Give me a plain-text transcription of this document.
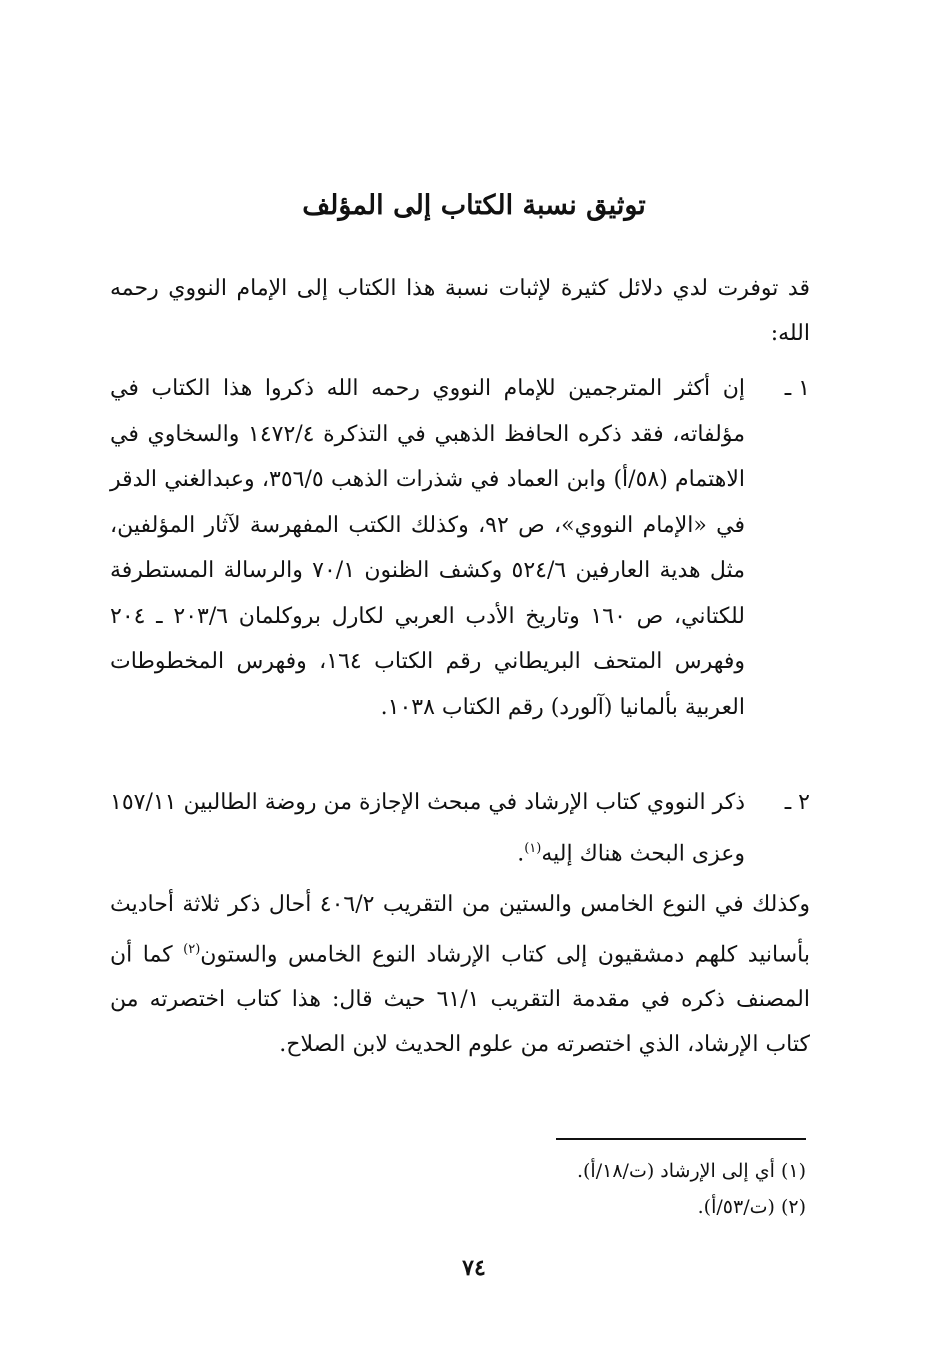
توثيق نسبة الكتاب إلى المؤلف

قد توفرت لدي دلائل كثيرة لإثبات نسبة هذا الكتاب إلى الإمام النووي رحمه الله:

١ ـ
إن أكثر المترجمين للإمام النووي رحمه الله ذكروا هذا الكتاب في مؤلفاته، فقد ذكره الحافظ الذهبي في التذكرة ١٤٧٢/٤ والسخاوي في الاهتمام (٥٨/أ) وابن العماد في شذرات الذهب ٣٥٦/٥، وعبدالغني الدقر في «الإمام النووي»، ص ٩٢، وكذلك الكتب المفهرسة لآثار المؤلفين، مثل هدية العارفين ٥٢٤/٦ وكشف الظنون ٧٠/١ والرسالة المستطرفة للكتاني، ص ١٦٠ وتاريخ الأدب العربي لكارل بروكلمان ٢٠٣/٦ ـ ٢٠٤ وفهرس المتحف البريطاني رقم الكتاب ١٦٤، وفهرس المخطوطات العربية بألمانيا (آلورد) رقم الكتاب ١٠٣٨.
٢ ـ
ذكر النووي كتاب الإرشاد في مبحث الإجازة من روضة الطالبين ١٥٧/١١ وعزى البحث هناك إليه$^{(١)}$.

وكذلك في النوع الخامس والستين من التقريب ٤٠٦/٢ أحال ذكر ثلاثة أحاديث بأسانيد كلهم دمشقيون إلى كتاب الإرشاد النوع الخامس والستون$^{(٢)}$ كما أن المصنف ذكره في مقدمة التقريب ٦١/١ حيث قال: هذا كتاب اختصرته من كتاب الإرشاد، الذي اختصرته من علوم الحديث لابن الصلاح.

(١) أي إلى الإرشاد (ت/١٨/أ).
(٢) (ت/٥٣/أ).
٧٤
